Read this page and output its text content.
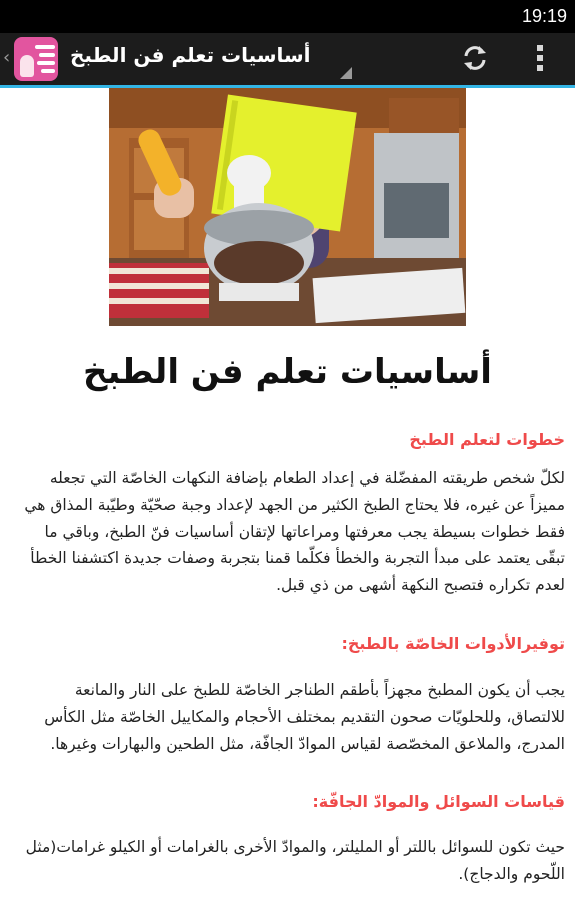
19:19
‹	أساسيات تعلم فن الطبخ
أساسيات تعلم فن الطبخ
خطوات لتعلم الطبخ

لكلّ شخص طريقته المفضّلة في إعداد الطعام بإضافة النكهات الخاصّة التي تجعله مميزاً عن غيره، فلا يحتاج الطبخ الكثير من الجهد لإعداد وجبة صحّيّة وطيّبة المذاق هي فقط خطوات بسيطة يجب معرفتها ومراعاتها لإتقان أساسيات فنّ الطبخ، وباقي ما تبقّى يعتمد على مبدأ التجربة والخطأ فكلّما قمنا بتجربة وصفات جديدة اكتشفنا الخطأ لعدم تكراره فتصبح النكهة أشهى من ذي قبل.

توفيرالأدوات الخاصّة بالطبخ:

يجب أن يكون المطبخ مجهزاً بأطقم الطناجر الخاصّة للطبخ على النار والمانعة للالتصاق، وللحلويّات صحون التقديم بمختلف الأحجام والمكاييل الخاصّة مثل الكأس المدرج، والملاعق المخصّصة لقياس الموادّ الجافّة، مثل الطحين والبهارات وغيرها.

قياسات السوائل والموادّ الجافّة:

حيث تكون للسوائل باللتر أو المليلتر، والموادّ الأخرى بالغرامات أو الكيلو غرامات(مثل اللّحوم والدجاج).
